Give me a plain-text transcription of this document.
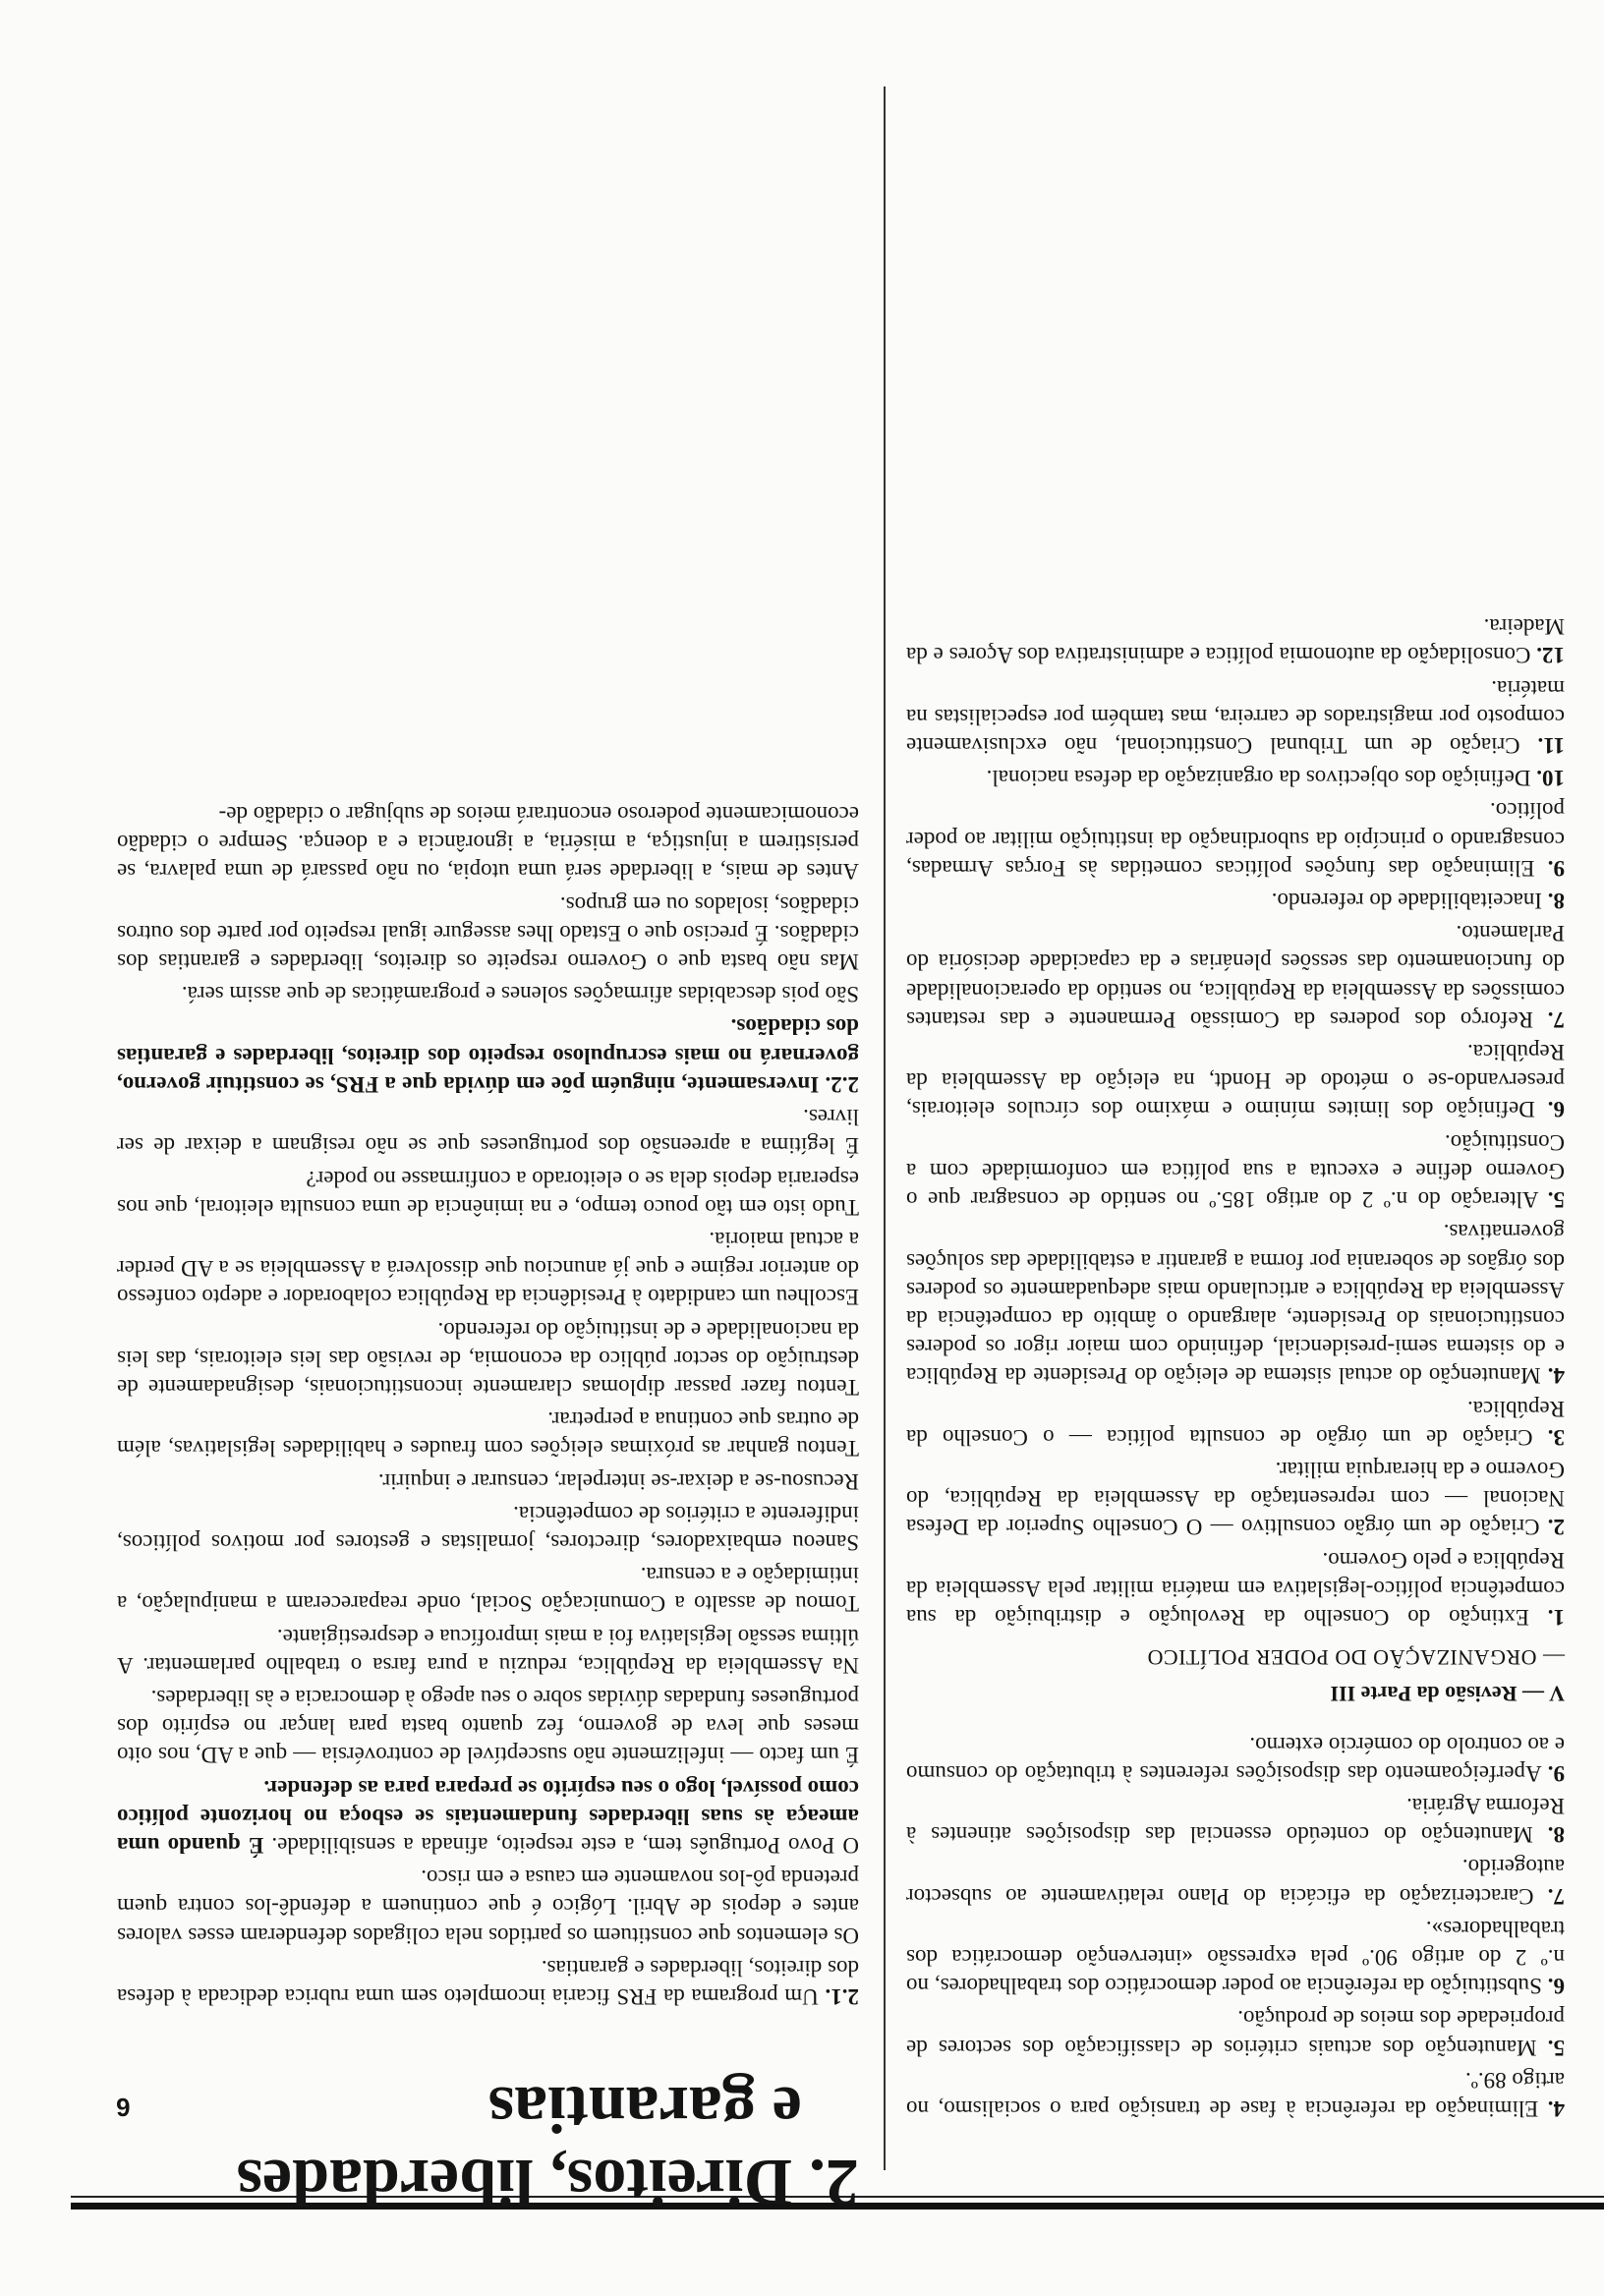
6	4. Eliminação da referência à fase de transição para o socialismo, no artigo 89.º.

5. Manutenção dos actuais critérios de classificação dos sectores de propriedade dos meios de produção.

6. Substituição da referência ao poder democrático dos trabalhadores, no n.º 2 do artigo 90.º pela expressão «intervenção democrática dos trabalhadores».

7. Caracterização da eficácia do Plano relativamente ao subsector autogerido.

8. Manutenção do conteúdo essencial das disposições atinentes à Reforma Agrária.

9. Aperfeiçoamento das disposições referentes à tributação do consumo e ao controlo do comércio externo.

V — Revisão da Parte III

— ORGANIZAÇÃO DO PODER POLÍTICO

1. Extinção do Conselho da Revolução e distribuição da sua competência político-legislativa em matéria militar pela Assembleia da República e pelo Governo.

2. Criação de um órgão consultivo — O Conselho Superior da Defesa Nacional — com representação da Assembleia da República, do Governo e da hierarquia militar.

3. Criação de um órgão de consulta política — o Conselho da República.

4. Manutenção do actual sistema de eleição do Presidente da República e do sistema semi-presidencial, definindo com maior rigor os poderes constitucionais do Presidente, alargando o âmbito da competência da Assembleia da República e articulando mais adequadamente os poderes dos órgãos de soberania por forma a garantir a estabilidade das soluções governativas.

5. Alteração do n.º 2 do artigo 185.º no sentido de consagrar que o Governo define e executa a sua política em conformidade com a Constituição.

6. Definição dos limites mínimo e máximo dos círculos eleitorais, preservando-se o método de Hondt, na eleição da Assembleia da República.

7. Reforço dos poderes da Comissão Permanente e das restantes comissões da Assembleia da República, no sentido da operacionalidade do funcionamento das sessões plenárias e da capacidade decisória do Parlamento.

8. Inaceitabilidade do referendo.

9. Eliminação das funções políticas cometidas às Forças Armadas, consagrando o princípio da subordinação da instituição militar ao poder político.

10. Definição dos objectivos da organização da defesa nacional.

11. Criação de um Tribunal Constitucional, não exclusivamente composto por magistrados de carreira, mas também por especialistas na matéria.

12. Consolidação da autonomia política e administrativa dos Açores e da Madeira.

2. Direitos, liberdades
e garantias

2.1. Um programa da FRS ficaria incompleto sem uma rubrica dedicada à defesa dos direitos, liberdades e garantias.

Os elementos que constituem os partidos nela coligados defenderam esses valores antes e depois de Abril. Lógico é que continuem a defendê-los contra quem pretenda pô-los novamente em causa e em risco.

O Povo Português tem, a este respeito, afinada a sensibilidade. É quando uma ameaça às suas liberdades fundamentais se esboça no horizonte político como possível, logo o seu espírito se prepara para as defender.

É um facto — infelizmente não susceptível de controvérsia — que a AD, nos oito meses que leva de governo, fez quanto basta para lançar no espírito dos portugueses fundadas dúvidas sobre o seu apego à democracia e às liberdades.

Na Assembleia da República, reduziu a pura farsa o trabalho parlamentar. A última sessão legislativa foi a mais improfícua e desprestigiante.

Tomou de assalto a Comunicação Social, onde reapareceram a manipulação, a intimidação e a censura.

Saneou embaixadores, directores, jornalistas e gestores por motivos políticos, indiferente a critérios de competência.

Recusou-se a deixar-se interpelar, censurar e inquirir.

Tentou ganhar as próximas eleições com fraudes e habilidades legislativas, além de outras que continua a perpetrar.

Tentou fazer passar diplomas claramente inconstitucionais, designadamente de destruição do sector público da economia, de revisão das leis eleitorais, das leis da nacionalidade e de instituição do referendo.

Escolheu um candidato à Presidência da República colaborador e adepto confesso do anterior regime e que já anunciou que dissolverá a Assembleia se a AD perder a actual maioria.

Tudo isto em tão pouco tempo, e na iminência de uma consulta eleitoral, que nos esperaria depois dela se o eleitorado a confirmasse no poder?

É legítima a apreensão dos portugueses que se não resignam a deixar de ser livres.

2.2. Inversamente, ninguém põe em dúvida que a FRS, se constituir governo, governará no mais escrupuloso respeito dos direitos, liberdades e garantias dos cidadãos.

São pois descabidas afirmações solenes e programáticas de que assim será.

Mas não basta que o Governo respeite os direitos, liberdades e garantias dos cidadãos. É preciso que o Estado lhes assegure igual respeito por parte dos outros cidadãos, isolados ou em grupos.

Antes de mais, a liberdade será uma utopia, ou não passará de uma palavra, se persistirem a injustiça, a miséria, a ignorância e a doença. Sempre o cidadão economicamente poderoso encontrará meios de subjugar o cidadão de-
